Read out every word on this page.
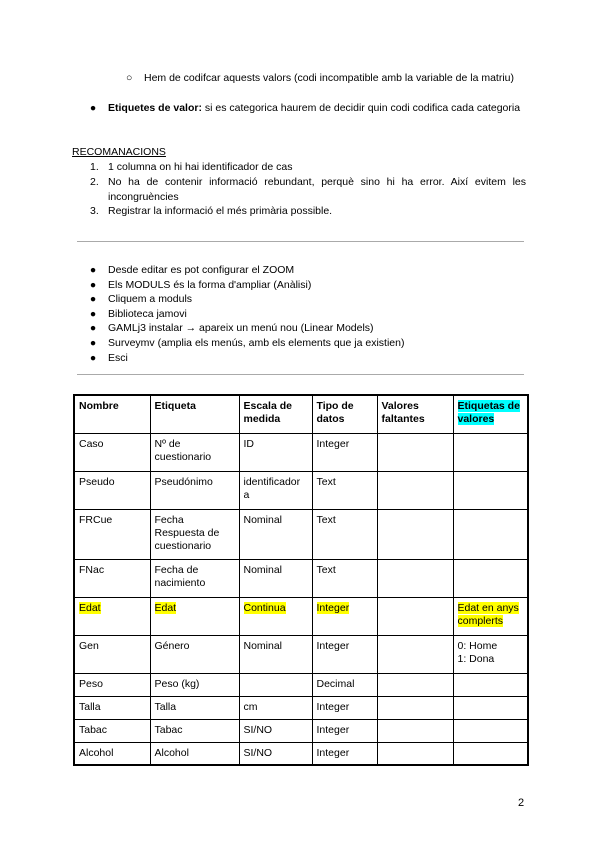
○ Hem de codifcar aquests valors (codi incompatible amb la variable de la matriu)
● Etiquetes de valor: si es categorica haurem de decidir quin codi codifica cada categoria
RECOMANACIONS
1. 1 columna on hi hai identificador de cas
2. No ha de contenir informació rebundant, perquè sino hi ha error. Així evitem les incongruències
3. Registrar la informació el més primària possible.
● Desde editar es pot configurar el ZOOM
● Els MODULS és la forma d'ampliar (Anàlisi)
● Cliquem a moduls
● Biblioteca jamovi
● GAMLj3 instalar → apareix un menú nou (Linear Models)
● Surveymv (amplia els menús, amb els elements que ja existien)
● Esci
Nombre	Etiqueta	Escala de medida	Tipo de datos	Valores faltantes	Etiquetas de valores
Caso	Nº de cuestionario	ID	Integer		
Pseudo	Pseudónimo	identificador a	Text		
FRCue	Fecha Respuesta de cuestionario	Nominal	Text		
FNac	Fecha de nacimiento	Nominal	Text		
Edat	Edat	Continua	Integer		Edat en anys complerts
Gen	Género	Nominal	Integer		0: Home
1: Dona
Peso	Peso (kg)		Decimal		
Talla	Talla	cm	Integer		
Tabac	Tabac	SI/NO	Integer		
Alcohol	Alcohol	SI/NO	Integer		
2
